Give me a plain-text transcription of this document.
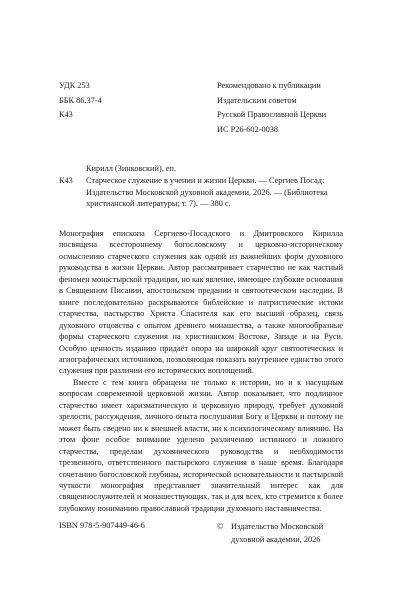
УДК 253
ББК 86.37-4
К43
Рекомендовано к публикации
Издательским советом
Русской Православной Церкви
ИС Р26-602-0038
Кирилл (Зинковский), еп.
К43 Старческое служение в учении и жизни Церкви. — Сергиев Посад: Издательство Московской духовной академии, 2026. — (Библиотека христианской литературы; т. 7). — 380 с.

Монография епископа Сергиево-Посадского и Дмитровского Кирилла посвящена всестороннему богословскому и церковно-историческому осмыслению старческого служения как одной из важнейших форм духовного руководства в жизни Церкви. Автор рассматривает старчество не как частный феномен монастырской традиции, но как явление, имеющее глубокие основания в Священном Писании, апостольском предании и святоотеческом наследии. В книге последовательно раскрываются библейские и патристические истоки старчества, пастырство Христа Спасителя как его высший образец, связь духовного отцовства с опытом древнего монашества, а также многообразные формы старческого служения на христианском Востоке, Западе и на Руси. Особую ценность изданию придаёт опора на широкий круг святоотеческих и агиографических источников, позволяющая показать внутреннее единство этого служения при различии его исторических воплощений.

Вместе с тем книга обращена не только к истории, но и к насущным вопросам современной церковной жизни. Автор показывает, что подлинное старчество имеет харизматическую и церковную природу, требует духовной зрелости, рассуждения, личного опыта послушания Богу и Церкви и потому не может быть сведено ни к внешней власти, ни к психологическому влиянию. На этом фоне особое внимание уделено различению истинного и ложного старчества, пределам духовнического руководства и необходимости трезвенного, ответственного пастырского служения в наше время. Благодаря сочетанию богословской глубины, исторической основательности и пастырской чуткости монография представляет значительный интерес как для священнослужителей и монашествующих, так и для всех, кто стремится к более глубокому пониманию православной традиции духовного наставничества.

ISBN 978-5-907449-46-6	© Издательство Московской
духовной академии, 2026
